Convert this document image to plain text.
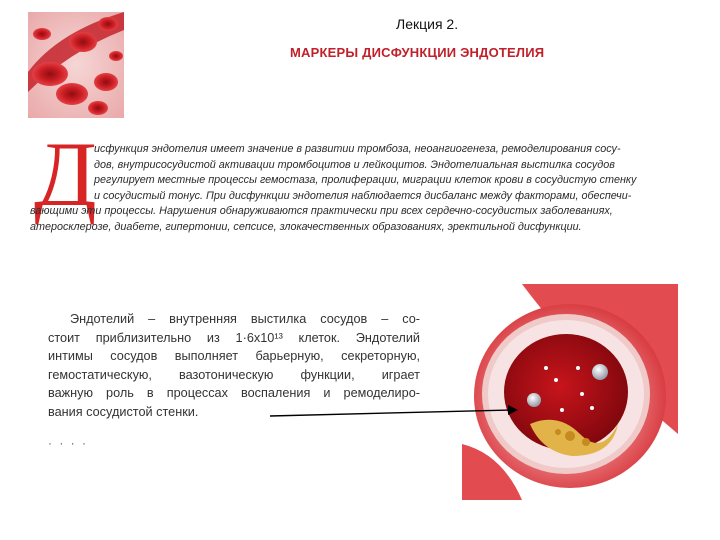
Лекция 2.
МАРКЕРЫ ДИСФУНКЦИИ ЭНДОТЕЛИЯ
Д
исфункция эндотелия имеет значение в развитии тромбоза, неоангиогенеза, ремоделирования сосу-
дов, внутрисосудистой активации тромбоцитов и лейкоцитов. Эндотелиальная выстилка сосудов
регулирует местные процессы гемостаза, пролиферации, миграции клеток крови в сосудистую стенку
и сосудистый тонус. При дисфункции эндотелия наблюдается дисбаланс между факторами, обеспечи-
вающими эти процессы. Нарушения обнаруживаются практически при всех сердечно-сосудистых заболеваниях,
атеросклерозе, диабете, гипертонии, сепсисе, злокачественных образованиях, эректильной дисфункции.
Эндотелий – внутренняя выстилка сосудов – со-
стоит приблизительно из 1·6х10¹³ клеток. Эндотелий
интимы сосудов выполняет барьерную, секреторную,
гемостатическую, вазотоническую функции, играет
важную роль в процессах воспаления и ремоделиро-
вания сосудистой стенки.
· · · ·
